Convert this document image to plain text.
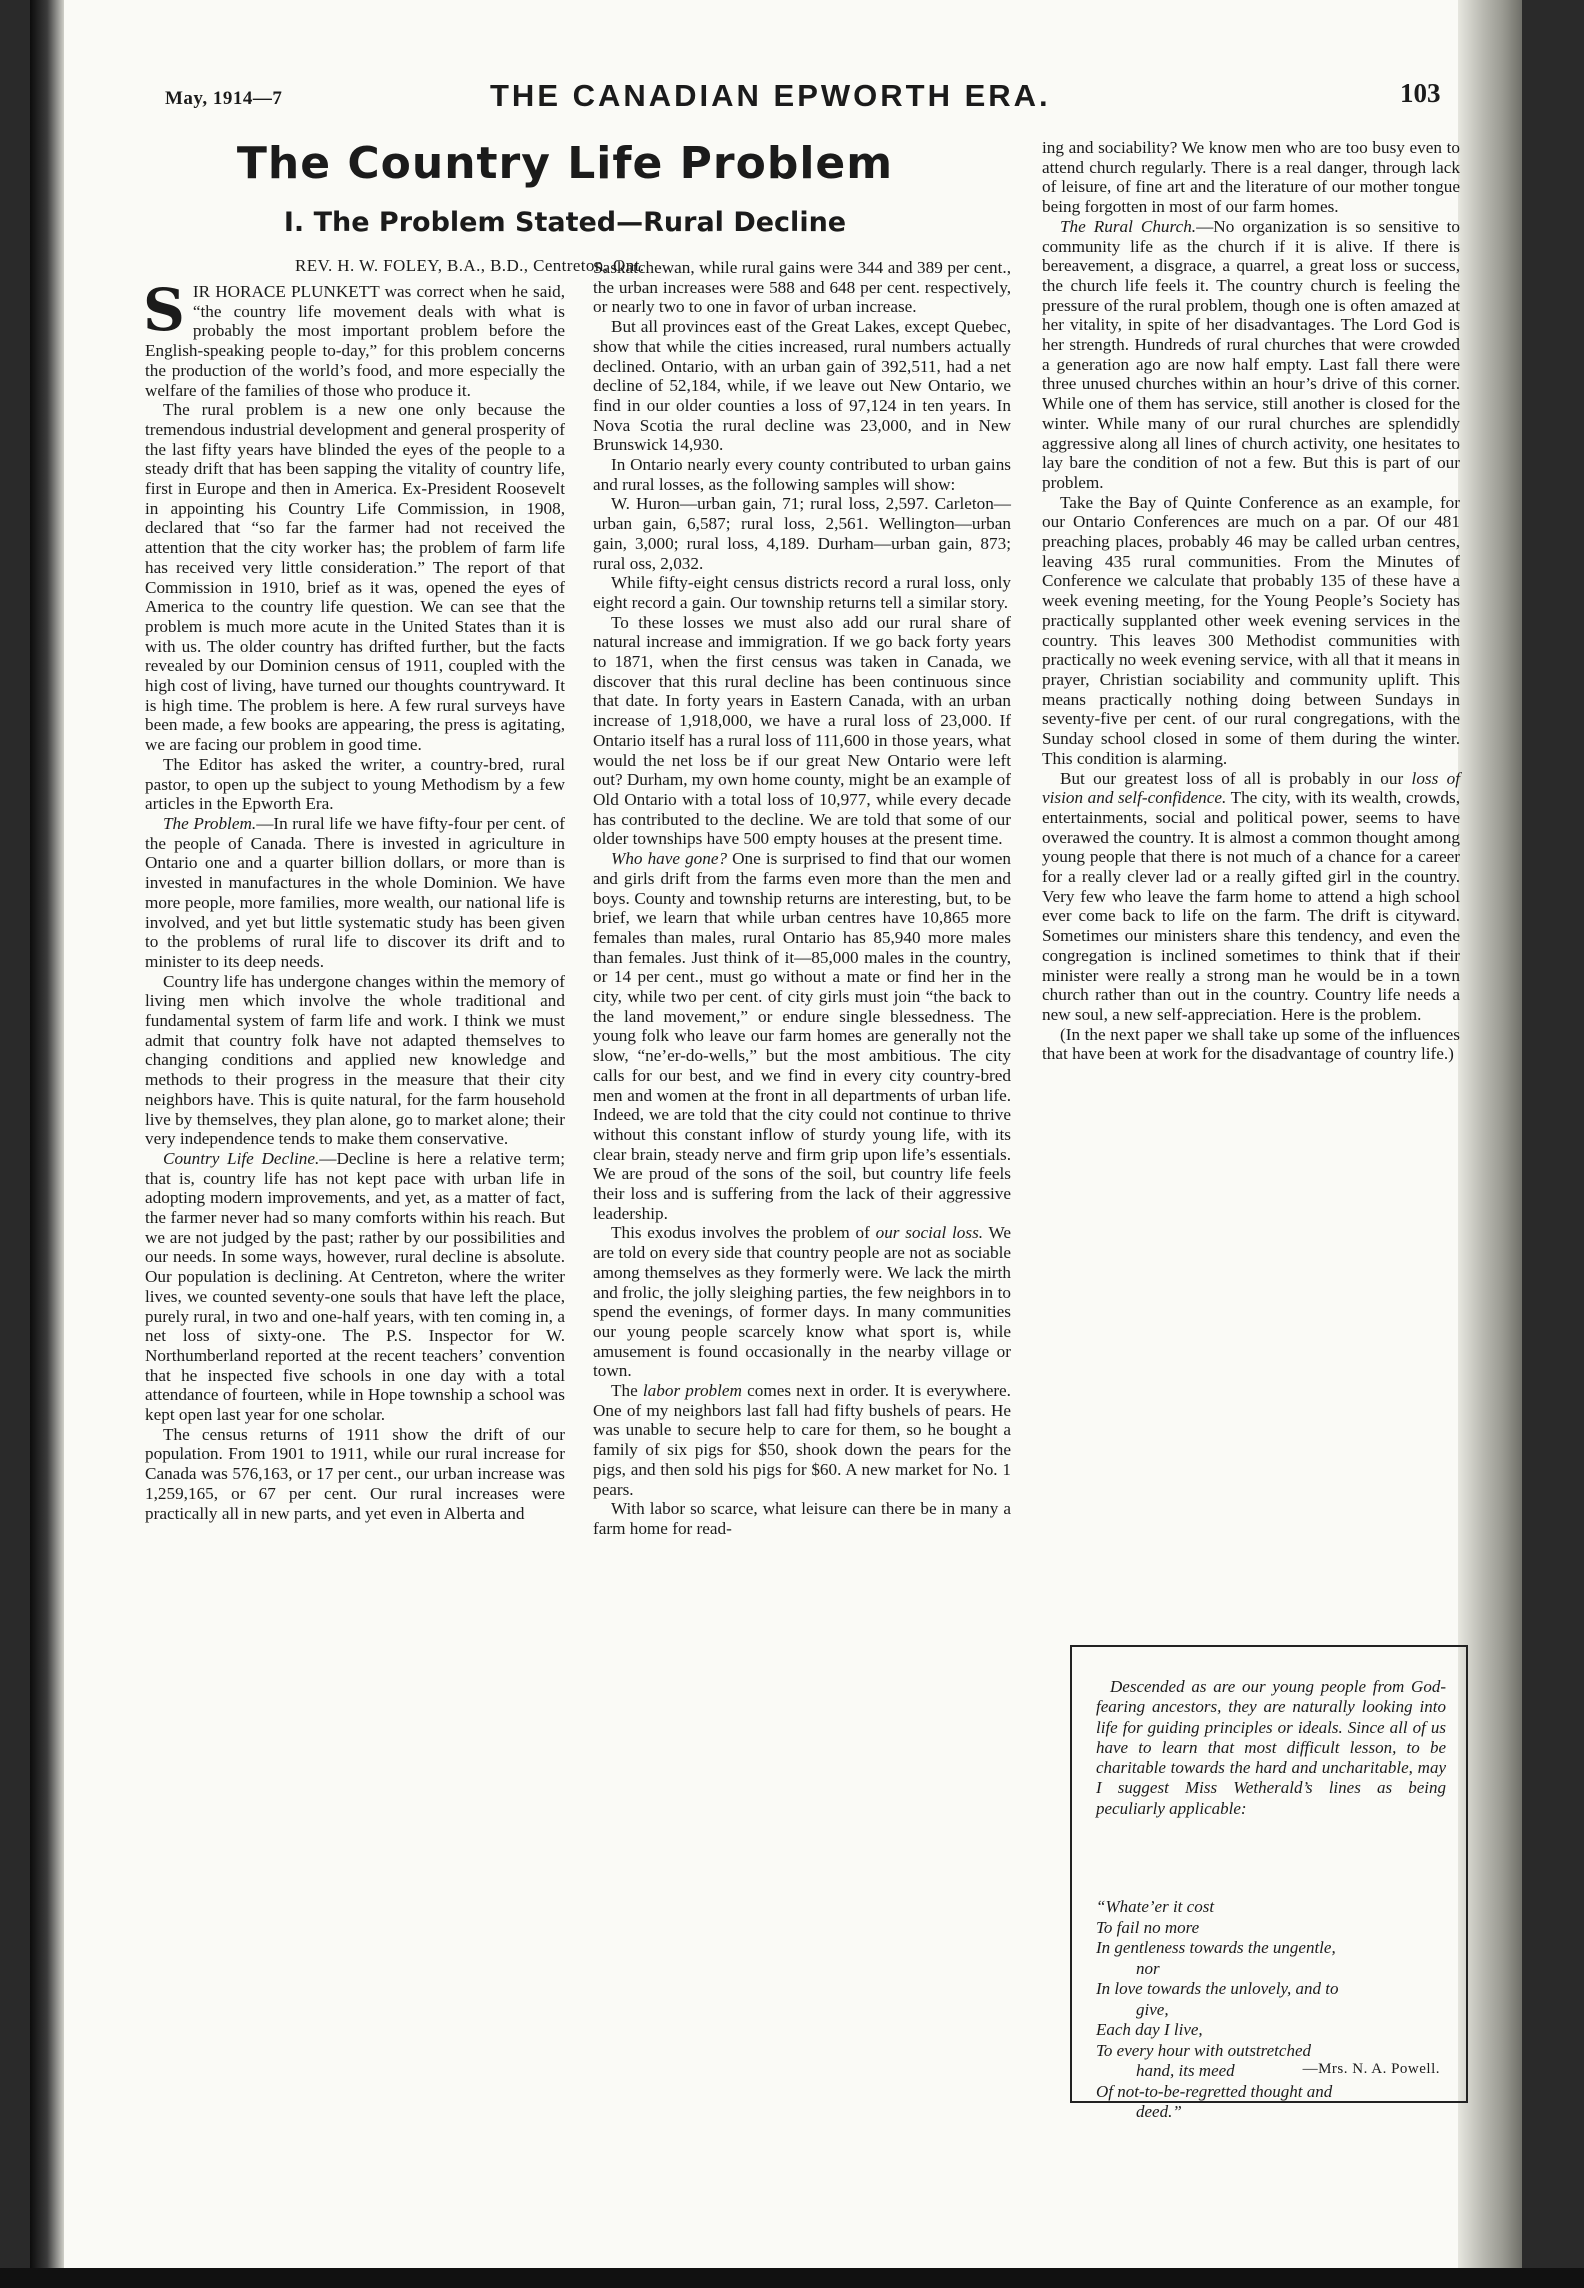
May, 1914—7	THE CANADIAN EPWORTH ERA.	103
The Country Life Problem
I. The Problem Stated—Rural Decline
REV. H. W. FOLEY, B.A., B.D., Centreton, Ont.

SIR HORACE PLUNKETT was correct when he said, “the country life movement deals with what is probably the most important problem before the English-speaking people to-day,” for this problem concerns the production of the world’s food, and more especially the welfare of the families of those who produce it.

The rural problem is a new one only because the tremendous industrial development and general prosperity of the last fifty years have blinded the eyes of the people to a steady drift that has been sapping the vitality of country life, first in Europe and then in America. Ex-President Roosevelt in appointing his Country Life Commission, in 1908, declared that “so far the farmer had not received the attention that the city worker has; the problem of farm life has received very little consideration.” The report of that Commission in 1910, brief as it was, opened the eyes of America to the country life question. We can see that the problem is much more acute in the United States than it is with us. The older country has drifted further, but the facts revealed by our Dominion census of 1911, coupled with the high cost of living, have turned our thoughts countryward. It is high time. The problem is here. A few rural surveys have been made, a few books are appearing, the press is agitating, we are facing our problem in good time.

The Editor has asked the writer, a country-bred, rural pastor, to open up the subject to young Methodism by a few articles in the Epworth Era.

The Problem.—In rural life we have fifty-four per cent. of the people of Canada. There is invested in agriculture in Ontario one and a quarter billion dollars, or more than is invested in manufactures in the whole Dominion. We have more people, more families, more wealth, our national life is involved, and yet but little systematic study has been given to the problems of rural life to discover its drift and to minister to its deep needs.

Country life has undergone changes within the memory of living men which involve the whole traditional and fundamental system of farm life and work. I think we must admit that country folk have not adapted themselves to changing conditions and applied new knowledge and methods to their progress in the measure that their city neighbors have. This is quite natural, for the farm household live by themselves, they plan alone, go to market alone; their very independence tends to make them conservative.

Country Life Decline.—Decline is here a relative term; that is, country life has not kept pace with urban life in adopting modern improvements, and yet, as a matter of fact, the farmer never had so many comforts within his reach. But we are not judged by the past; rather by our possibilities and our needs. In some ways, however, rural decline is absolute. Our population is declining. At Centreton, where the writer lives, we counted seventy-one souls that have left the place, purely rural, in two and one-half years, with ten coming in, a net loss of sixty-one. The P.S. Inspector for W. Northumberland reported at the recent teachers’ convention that he inspected five schools in one day with a total attendance of fourteen, while in Hope township a school was kept open last year for one scholar.

The census returns of 1911 show the drift of our population. From 1901 to 1911, while our rural increase for Canada was 576,163, or 17 per cent., our urban increase was 1,259,165, or 67 per cent. Our rural increases were practically all in new parts, and yet even in Alberta and

Saskatchewan, while rural gains were 344 and 389 per cent., the urban increases were 588 and 648 per cent. respectively, or nearly two to one in favor of urban increase.

But all provinces east of the Great Lakes, except Quebec, show that while the cities increased, rural numbers actually declined. Ontario, with an urban gain of 392,511, had a net decline of 52,184, while, if we leave out New Ontario, we find in our older counties a loss of 97,124 in ten years. In Nova Scotia the rural decline was 23,000, and in New Brunswick 14,930.

In Ontario nearly every county contributed to urban gains and rural losses, as the following samples will show:

W. Huron—urban gain, 71; rural loss, 2,597. Carleton—urban gain, 6,587; rural loss, 2,561. Wellington—urban gain, 3,000; rural loss, 4,189. Durham—urban gain, 873; rural oss, 2,032.

While fifty-eight census districts record a rural loss, only eight record a gain. Our township returns tell a similar story.

To these losses we must also add our rural share of natural increase and immigration. If we go back forty years to 1871, when the first census was taken in Canada, we discover that this rural decline has been continuous since that date. In forty years in Eastern Canada, with an urban increase of 1,918,000, we have a rural loss of 23,000. If Ontario itself has a rural loss of 111,600 in those years, what would the net loss be if our great New Ontario were left out? Durham, my own home county, might be an example of Old Ontario with a total loss of 10,977, while every decade has contributed to the decline. We are told that some of our older townships have 500 empty houses at the present time.

Who have gone? One is surprised to find that our women and girls drift from the farms even more than the men and boys. County and township returns are interesting, but, to be brief, we learn that while urban centres have 10,865 more females than males, rural Ontario has 85,940 more males than females. Just think of it—85,000 males in the country, or 14 per cent., must go without a mate or find her in the city, while two per cent. of city girls must join “the back to the land movement,” or endure single blessedness. The young folk who leave our farm homes are generally not the slow, “ne’er-do-wells,” but the most ambitious. The city calls for our best, and we find in every city country-bred men and women at the front in all departments of urban life. Indeed, we are told that the city could not continue to thrive without this constant inflow of sturdy young life, with its clear brain, steady nerve and firm grip upon life’s essentials. We are proud of the sons of the soil, but country life feels their loss and is suffering from the lack of their aggressive leadership.

This exodus involves the problem of our social loss. We are told on every side that country people are not as sociable among themselves as they formerly were. We lack the mirth and frolic, the jolly sleighing parties, the few neighbors in to spend the evenings, of former days. In many communities our young people scarcely know what sport is, while amusement is found occasionally in the nearby village or town.

The labor problem comes next in order. It is everywhere. One of my neighbors last fall had fifty bushels of pears. He was unable to secure help to care for them, so he bought a family of six pigs for $50, shook down the pears for the pigs, and then sold his pigs for $60. A new market for No. 1 pears.

With labor so scarce, what leisure can there be in many a farm home for read-

ing and sociability? We know men who are too busy even to attend church regularly. There is a real danger, through lack of leisure, of fine art and the literature of our mother tongue being forgotten in most of our farm homes.

The Rural Church.—No organization is so sensitive to community life as the church if it is alive. If there is bereavement, a disgrace, a quarrel, a great loss or success, the church life feels it. The country church is feeling the pressure of the rural problem, though one is often amazed at her vitality, in spite of her disadvantages. The Lord God is her strength. Hundreds of rural churches that were crowded a generation ago are now half empty. Last fall there were three unused churches within an hour’s drive of this corner. While one of them has service, still another is closed for the winter. While many of our rural churches are splendidly aggressive along all lines of church activity, one hesitates to lay bare the condition of not a few. But this is part of our problem.

Take the Bay of Quinte Conference as an example, for our Ontario Conferences are much on a par. Of our 481 preaching places, probably 46 may be called urban centres, leaving 435 rural communities. From the Minutes of Conference we calculate that probably 135 of these have a week evening meeting, for the Young People’s Society has practically supplanted other week evening services in the country. This leaves 300 Methodist communities with practically no week evening service, with all that it means in prayer, Christian sociability and community uplift. This means practically nothing doing between Sundays in seventy-five per cent. of our rural congregations, with the Sunday school closed in some of them during the winter. This condition is alarming.

But our greatest loss of all is probably in our loss of vision and self-confidence. The city, with its wealth, crowds, entertainments, social and political power, seems to have overawed the country. It is almost a common thought among young people that there is not much of a chance for a career for a really clever lad or a really gifted girl in the country. Very few who leave the farm home to attend a high school ever come back to life on the farm. The drift is cityward. Sometimes our ministers share this tendency, and even the congregation is inclined sometimes to think that if their minister were really a strong man he would be in a town church rather than out in the country. Country life needs a new soul, a new self-appreciation. Here is the problem.

(In the next paper we shall take up some of the influences that have been at work for the disadvantage of country life.)

Descended as are our young people from God-fearing ancestors, they are naturally looking into life for guiding principles or ideals. Since all of us have to learn that most difficult lesson, to be charitable towards the hard and uncharitable, may I suggest Miss Wetherald’s lines as being peculiarly applicable:
“Whate’er it cost
To fail no more
In gentleness towards the ungentle,
nor
In love towards the unlovely, and to
give,
Each day I live,
To every hour with outstretched
hand, its meed
Of not-to-be-regretted thought and
deed.”
—Mrs. N. A. Powell.
